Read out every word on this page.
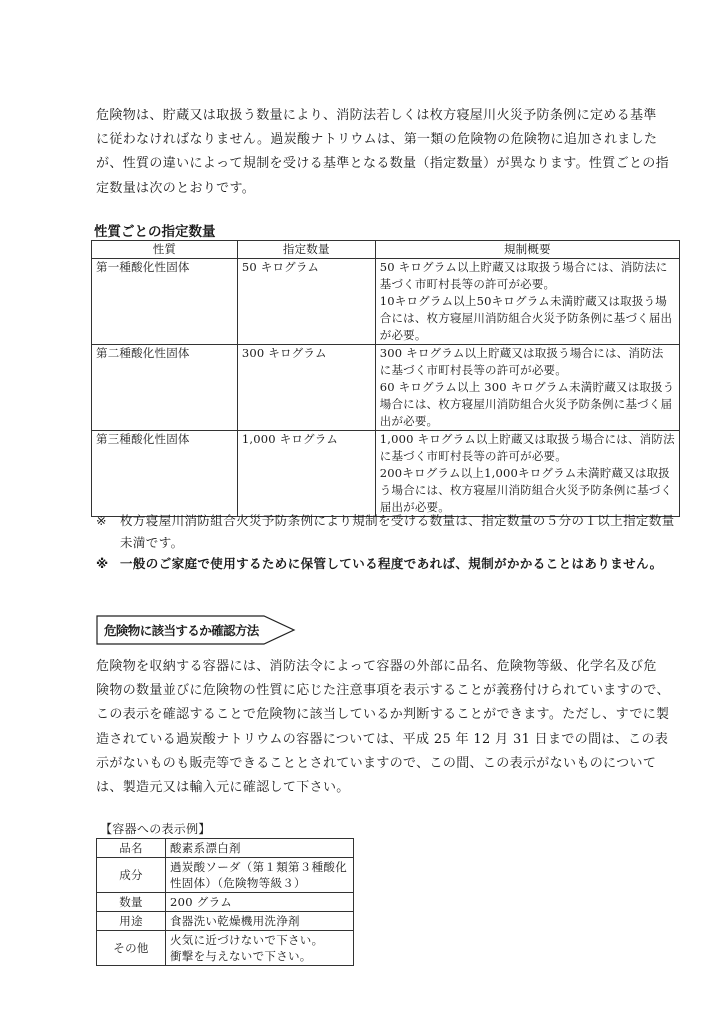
危険物は、貯蔵又は取扱う数量により、消防法若しくは枚方寝屋川火災予防条例に定める基準に従わなければなりません。過炭酸ナトリウムは、第一類の危険物の危険物に追加されましたが、性質の違いによって規制を受ける基準となる数量（指定数量）が異なります。性質ごとの指定数量は次のとおりです。

性質ごとの指定数量
性質	指定数量	規制概要
第一種酸化性固体	50 キログラム	50 キログラム以上貯蔵又は取扱う場合には、消防法に基づく市町村長等の許可が必要。
10キログラム以上50キログラム未満貯蔵又は取扱う場合には、枚方寝屋川消防組合火災予防条例に基づく届出が必要。

第二種酸化性固体	300 キログラム	300 キログラム以上貯蔵又は取扱う場合には、消防法に基づく市町村長等の許可が必要。
60 キログラム以上 300 キログラム未満貯蔵又は取扱う場合には、枚方寝屋川消防組合火災予防条例に基づく届出が必要。

第三種酸化性固体	1,000 キログラム	1,000 キログラム以上貯蔵又は取扱う場合には、消防法に基づく市町村長等の許可が必要。
200キログラム以上1,000キログラム未満貯蔵又は取扱う場合には、枚方寝屋川消防組合火災予防条例に基づく届出が必要。

※	枚方寝屋川消防組合火災予防条例により規制を受ける数量は、指定数量の５分の１以上指定数量未満です。

※ 一般のご家庭で使用するために保管している程度であれば、規制がかかることはありません。

危険物に該当するか確認方法

危険物を収納する容器には、消防法令によって容器の外部に品名、危険物等級、化学名及び危険物の数量並びに危険物の性質に応じた注意事項を表示することが義務付けられていますので、この表示を確認することで危険物に該当しているか判断することができます。ただし、すでに製造されている過炭酸ナトリウムの容器については、平成 25 年 12 月 31 日までの間は、この表示がないものも販売等できることとされていますので、この間、この表示がないものについては、製造元又は輸入元に確認して下さい。

【容器への表示例】

品名	酸素系漂白剤
成分	過炭酸ソーダ（第１類第３種酸化性固体）（危険物等級３）
数量	200 グラム
用途	食器洗い乾燥機用洗浄剤
その他	火気に近づけないで下さい。
衝撃を与えないで下さい。
